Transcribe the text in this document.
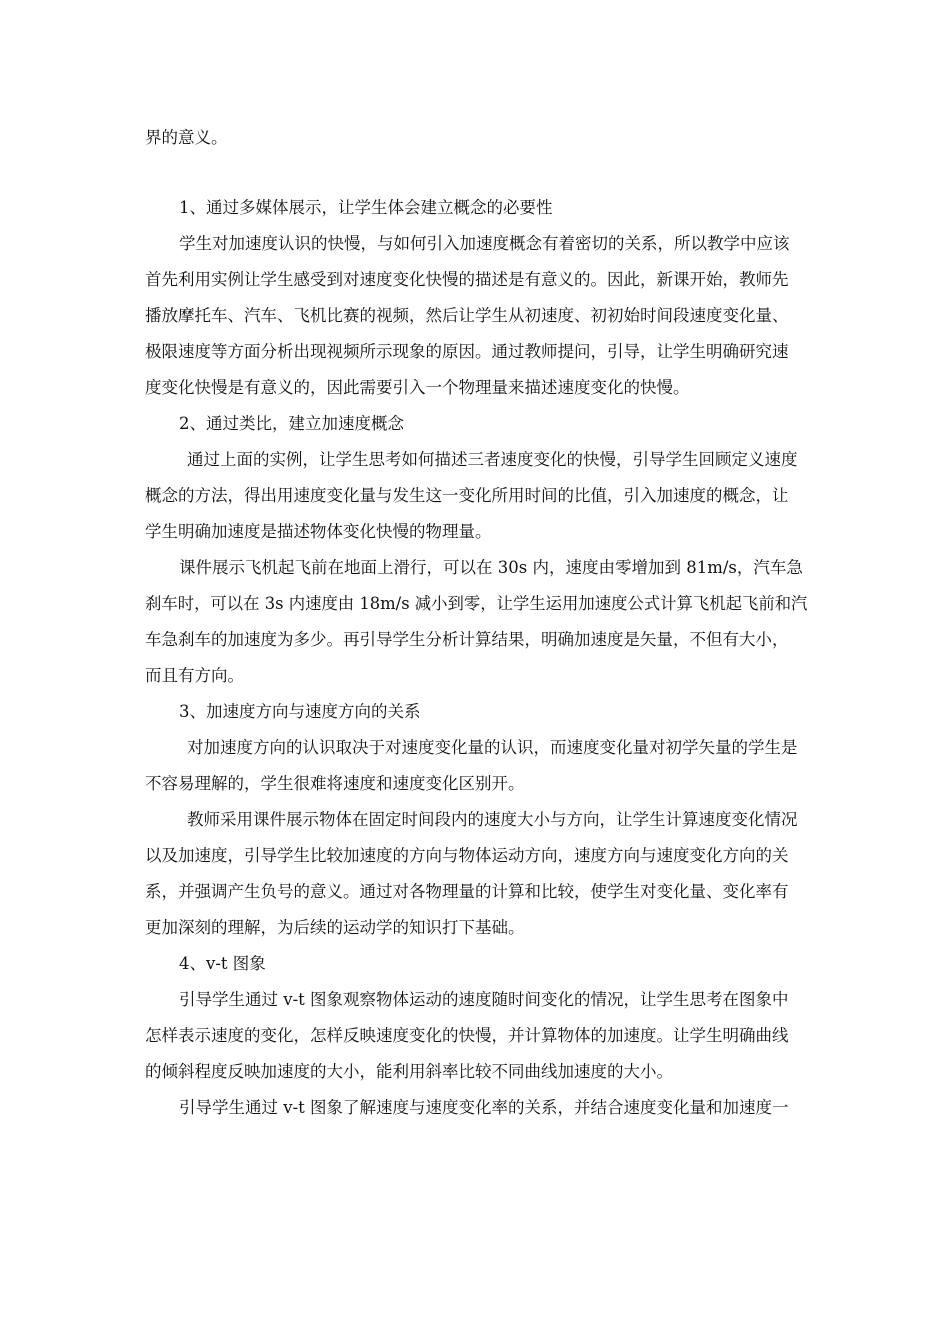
界的意义。
1、通过多媒体展示，让学生体会建立概念的必要性
学生对加速度认识的快慢，与如何引入加速度概念有着密切的关系，所以教学中应该
首先利用实例让学生感受到对速度变化快慢的描述是有意义的。因此，新课开始，教师先
播放摩托车、汽车、飞机比赛的视频，然后让学生从初速度、初初始时间段速度变化量、
极限速度等方面分析出现视频所示现象的原因。通过教师提问，引导，让学生明确研究速
度变化快慢是有意义的，因此需要引入一个物理量来描述速度变化的快慢。
2、通过类比，建立加速度概念
通过上面的实例，让学生思考如何描述三者速度变化的快慢，引导学生回顾定义速度
概念的方法，得出用速度变化量与发生这一变化所用时间的比值，引入加速度的概念，让
学生明确加速度是描述物体变化快慢的物理量。
课件展示飞机起飞前在地面上滑行，可以在 30s 内，速度由零增加到 81m/s，汽车急
刹车时，可以在 3s 内速度由 18m/s 减小到零，让学生运用加速度公式计算飞机起飞前和汽
车急刹车的加速度为多少。再引导学生分析计算结果，明确加速度是矢量，不但有大小，
而且有方向。
3、加速度方向与速度方向的关系
对加速度方向的认识取决于对速度变化量的认识，而速度变化量对初学矢量的学生是
不容易理解的，学生很难将速度和速度变化区别开。
教师采用课件展示物体在固定时间段内的速度大小与方向，让学生计算速度变化情况
以及加速度，引导学生比较加速度的方向与物体运动方向，速度方向与速度变化方向的关
系，并强调产生负号的意义。通过对各物理量的计算和比较，使学生对变化量、变化率有
更加深刻的理解，为后续的运动学的知识打下基础。
4、v-t 图象
引导学生通过 v-t 图象观察物体运动的速度随时间变化的情况，让学生思考在图象中
怎样表示速度的变化，怎样反映速度变化的快慢，并计算物体的加速度。让学生明确曲线
的倾斜程度反映加速度的大小，能利用斜率比较不同曲线加速度的大小。
引导学生通过 v-t 图象了解速度与速度变化率的关系，并结合速度变化量和加速度一
